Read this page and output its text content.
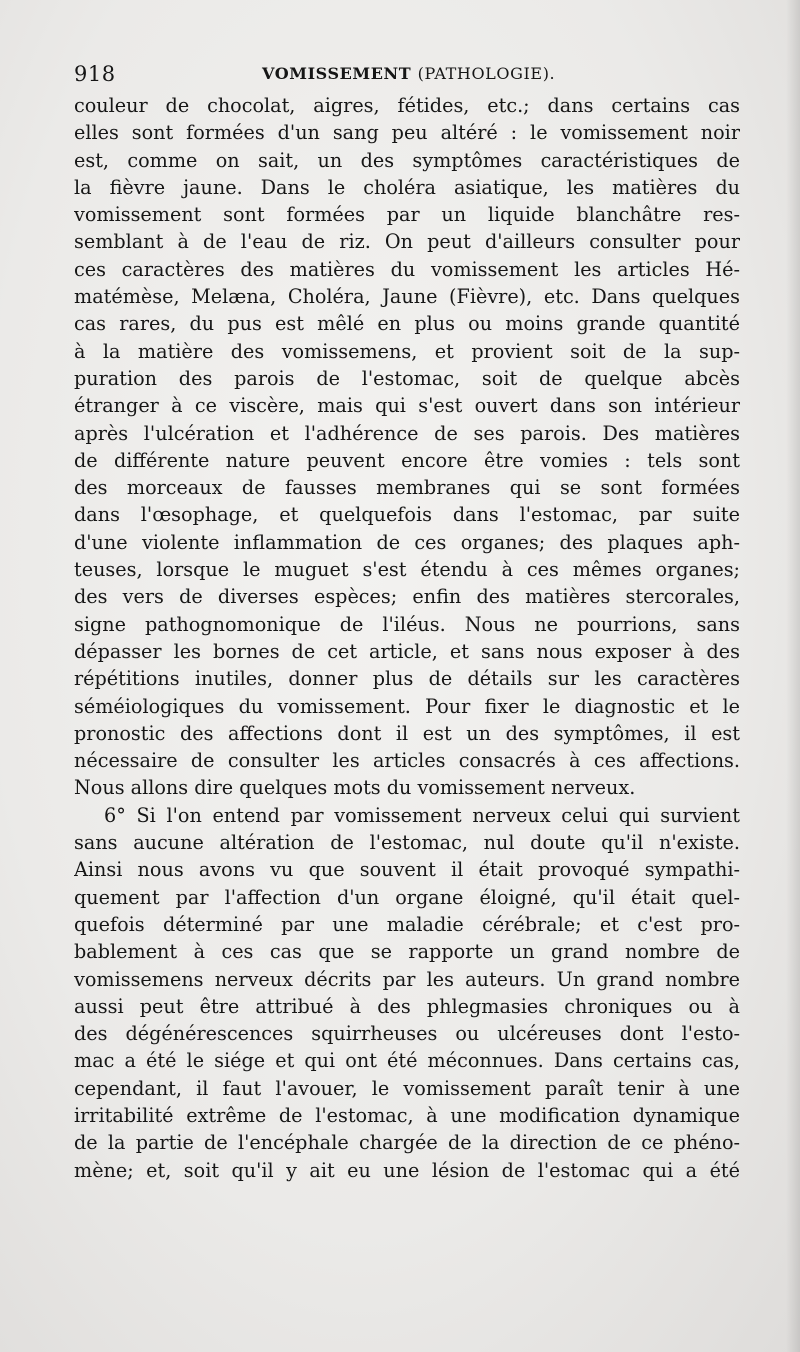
918	VOMISSEMENT (PATHOLOGIE).
couleur de chocolat, aigres, fétides, etc.; dans certains cas
elles sont formées d'un sang peu altéré : le vomissement noir
est, comme on sait, un des symptômes caractéristiques de
la fièvre jaune. Dans le choléra asiatique, les matières du
vomissement sont formées par un liquide blanchâtre res-
semblant à de l'eau de riz. On peut d'ailleurs consulter pour
ces caractères des matières du vomissement les articles Hé-
matémèse, Melæna, Choléra, Jaune (Fièvre), etc. Dans quelques
cas rares, du pus est mêlé en plus ou moins grande quantité
à la matière des vomissemens, et provient soit de la sup-
puration des parois de l'estomac, soit de quelque abcès
étranger à ce viscère, mais qui s'est ouvert dans son intérieur
après l'ulcération et l'adhérence de ses parois. Des matières
de différente nature peuvent encore être vomies : tels sont
des morceaux de fausses membranes qui se sont formées
dans l'œsophage, et quelquefois dans l'estomac, par suite
d'une violente inflammation de ces organes; des plaques aph-
teuses, lorsque le muguet s'est étendu à ces mêmes organes;
des vers de diverses espèces; enfin des matières stercorales,
signe pathognomonique de l'iléus. Nous ne pourrions, sans
dépasser les bornes de cet article, et sans nous exposer à des
répétitions inutiles, donner plus de détails sur les caractères
séméiologiques du vomissement. Pour fixer le diagnostic et le
pronostic des affections dont il est un des symptômes, il est
nécessaire de consulter les articles consacrés à ces affections.
Nous allons dire quelques mots du vomissement nerveux.
6° Si l'on entend par vomissement nerveux celui qui survient
sans aucune altération de l'estomac, nul doute qu'il n'existe.
Ainsi nous avons vu que souvent il était provoqué sympathi-
quement par l'affection d'un organe éloigné, qu'il était quel-
quefois déterminé par une maladie cérébrale; et c'est pro-
bablement à ces cas que se rapporte un grand nombre de
vomissemens nerveux décrits par les auteurs. Un grand nombre
aussi peut être attribué à des phlegmasies chroniques ou à
des dégénérescences squirrheuses ou ulcéreuses dont l'esto-
mac a été le siége et qui ont été méconnues. Dans certains cas,
cependant, il faut l'avouer, le vomissement paraît tenir à une
irritabilité extrême de l'estomac, à une modification dynamique
de la partie de l'encéphale chargée de la direction de ce phéno-
mène; et, soit qu'il y ait eu une lésion de l'estomac qui a été
